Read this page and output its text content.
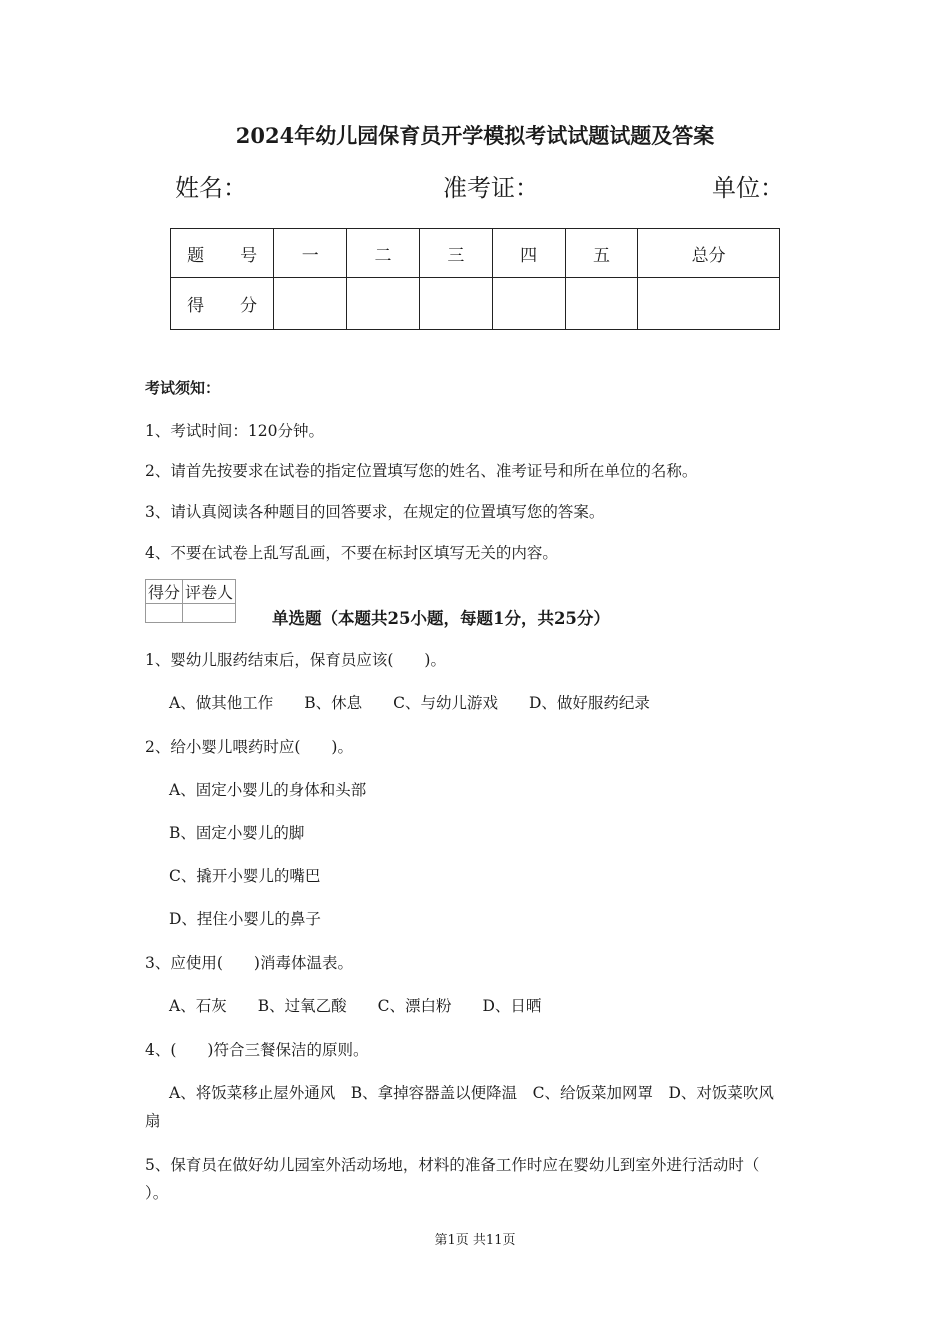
2024年幼儿园保育员开学模拟考试试题试题及答案
姓名：	准考证：	单位：
题 号	一	二	三	四	五	总分
得 分						
考试须知：
1、考试时间：120分钟。
2、请首先按要求在试卷的指定位置填写您的姓名、准考证号和所在单位的名称。
3、请认真阅读各种题目的回答要求，在规定的位置填写您的答案。
4、不要在试卷上乱写乱画，不要在标封区填写无关的内容。
得分	评卷人

单选题（本题共25小题，每题1分，共25分）
1、婴幼儿服药结束后，保育员应该(　　)。
A、做其他工作　　B、休息　　C、与幼儿游戏　　D、做好服药纪录
2、给小婴儿喂药时应(　　)。
A、固定小婴儿的身体和头部
B、固定小婴儿的脚
C、撬开小婴儿的嘴巴
D、捏住小婴儿的鼻子
3、应使用(　　)消毒体温表。
A、石灰　　B、过氧乙酸　　C、漂白粉　　D、日晒
4、(　　)符合三餐保洁的原则。
A、将饭菜移止屋外通风　B、拿掉容器盖以便降温　C、给饭菜加网罩　D、对饭菜吹风
扇
5、保育员在做好幼儿园室外活动场地，材料的准备工作时应在婴幼儿到室外进行活动时（
）。
第1页 共11页
